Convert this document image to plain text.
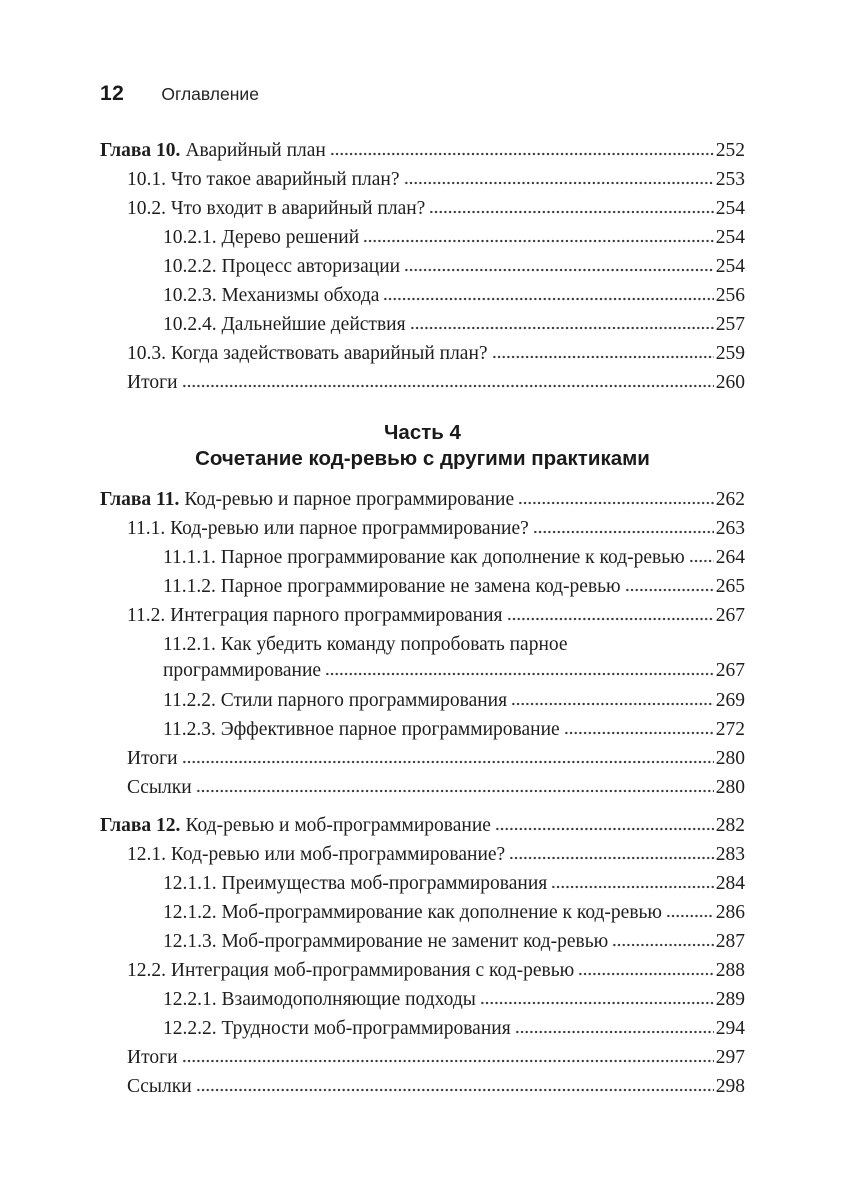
12 Оглавление
Глава 10. Аварийный план	252
10.1. Что такое аварийный план?	253
10.2. Что входит в аварийный план?	254
10.2.1. Дерево решений	254
10.2.2. Процесс авторизации	254
10.2.3. Механизмы обхода	256
10.2.4. Дальнейшие действия	257
10.3. Когда задействовать аварийный план?	259
Итоги	260
Часть 4
Сочетание код-ревью с другими практиками
Глава 11. Код-ревью и парное программирование	262
11.1. Код-ревью или парное программирование?	263
11.1.1. Парное программирование как дополнение к код-ревью 264
11.1.2. Парное программирование не замена код-ревью	265
11.2. Интеграция парного программирования	267
11.2.1. Как убедить команду попробовать парное
программирование	267
11.2.2. Стили парного программирования	269
11.2.3. Эффективное парное программирование	272
Итоги	280
Ссылки	280
Глава 12. Код-ревью и моб-программирование	282
12.1. Код-ревью или моб-программирование?	283
12.1.1. Преимущества моб-программирования	284
12.1.2. Моб-программирование как дополнение к код-ревью	286
12.1.3. Моб-программирование не заменит код-ревью	287
12.2. Интеграция моб-программирования с код-ревью	288
12.2.1. Взаимодополняющие подходы	289
12.2.2. Трудности моб-программирования	294
Итоги	297
Ссылки	298
